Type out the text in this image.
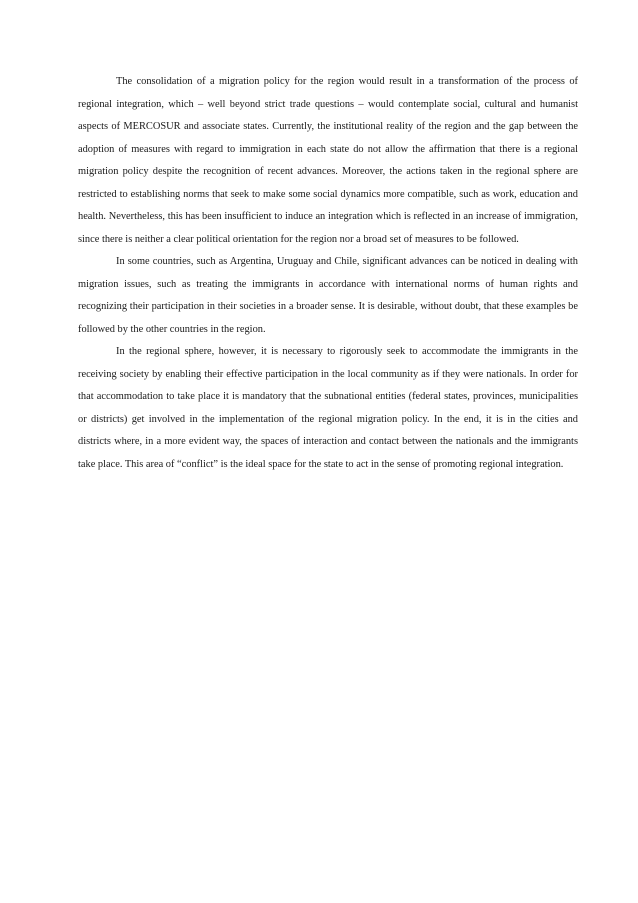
The consolidation of a migration policy for the region would result in a transformation of the process of regional integration, which – well beyond strict trade questions – would contemplate social, cultural and humanist aspects of MERCOSUR and associate states. Currently, the institutional reality of the region and the gap between the adoption of measures with regard to immigration in each state do not allow the affirmation that there is a regional migration policy despite the recognition of recent advances. Moreover, the actions taken in the regional sphere are restricted to establishing norms that seek to make some social dynamics more compatible, such as work, education and health. Nevertheless, this has been insufficient to induce an integration which is reflected in an increase of immigration, since there is neither a clear political orientation for the region nor a broad set of measures to be followed.

In some countries, such as Argentina, Uruguay and Chile, significant advances can be noticed in dealing with migration issues, such as treating the immigrants in accordance with international norms of human rights and recognizing their participation in their societies in a broader sense. It is desirable, without doubt, that these examples be followed by the other countries in the region.

In the regional sphere, however, it is necessary to rigorously seek to accommodate the immigrants in the receiving society by enabling their effective participation in the local community as if they were nationals. In order for that accommodation to take place it is mandatory that the subnational entities (federal states, provinces, municipalities or districts) get involved in the implementation of the regional migration policy. In the end, it is in the cities and districts where, in a more evident way, the spaces of interaction and contact between the nationals and the immigrants take place. This area of “conflict” is the ideal space for the state to act in the sense of promoting regional integration.
